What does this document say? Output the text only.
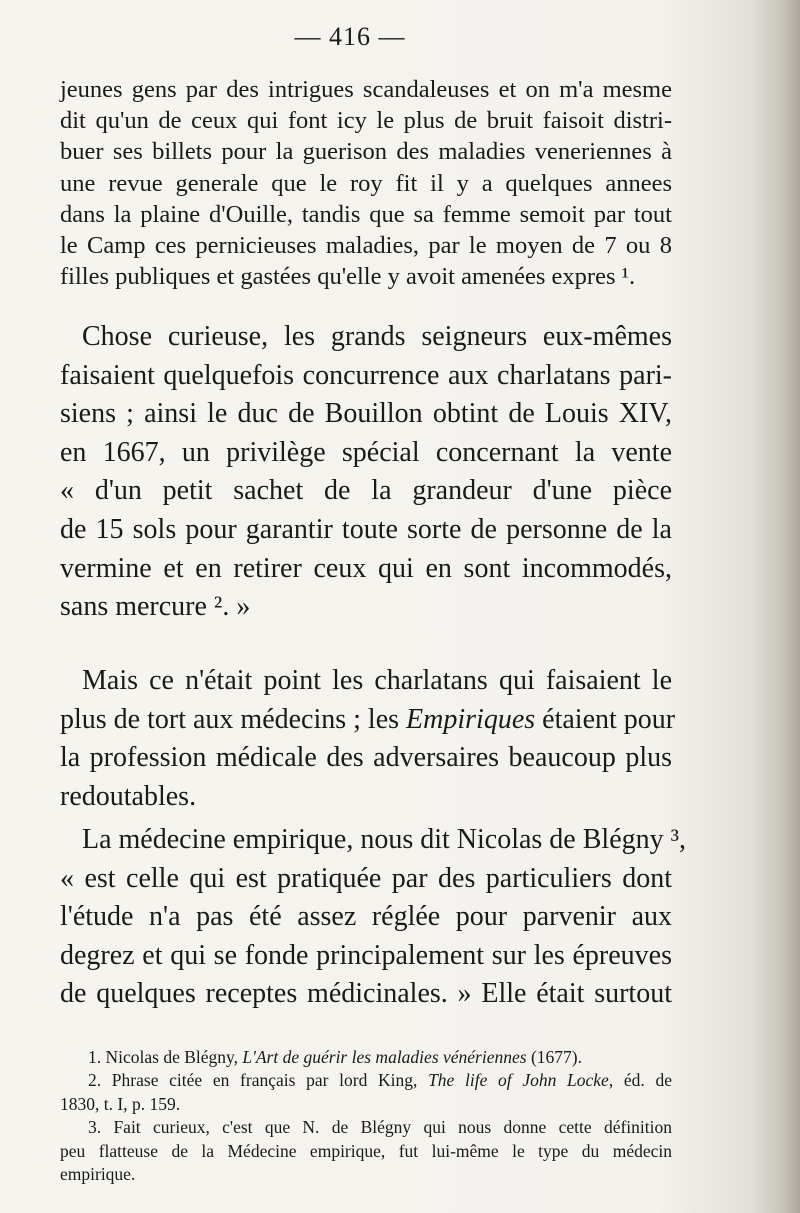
— 416 —
jeunes gens par des intrigues scandaleuses et on m'a mesme
dit qu'un de ceux qui font icy le plus de bruit faisoit distri-
buer ses billets pour la guerison des maladies veneriennes à
une revue generale que le roy fit il y a quelques annees
dans la plaine d'Ouille, tandis que sa femme semoit par tout
le Camp ces pernicieuses maladies, par le moyen de 7 ou 8
filles publiques et gastées qu'elle y avoit amenées expres ¹.
Chose curieuse, les grands seigneurs eux-mêmes
faisaient quelquefois concurrence aux charlatans pari-
siens ; ainsi le duc de Bouillon obtint de Louis XIV,
en 1667, un privilège spécial concernant la vente
« d'un petit sachet de la grandeur d'une pièce
de 15 sols pour garantir toute sorte de personne de la
vermine et en retirer ceux qui en sont incommodés,
sans mercure ². »
Mais ce n'était point les charlatans qui faisaient le
plus de tort aux médecins ; les Empiriques étaient pour
la profession médicale des adversaires beaucoup plus
redoutables.
La médecine empirique, nous dit Nicolas de Blégny ³,
« est celle qui est pratiquée par des particuliers dont
l'étude n'a pas été assez réglée pour parvenir aux
degrez et qui se fonde principalement sur les épreuves
de quelques receptes médicinales. » Elle était surtout
1. Nicolas de Blégny, L'Art de guérir les maladies vénériennes (1677).
2. Phrase citée en français par lord King, The life of John Locke, éd. de
1830, t. I, p. 159.
3. Fait curieux, c'est que N. de Blégny qui nous donne cette définition
peu flatteuse de la Médecine empirique, fut lui-même le type du médecin
empirique.
